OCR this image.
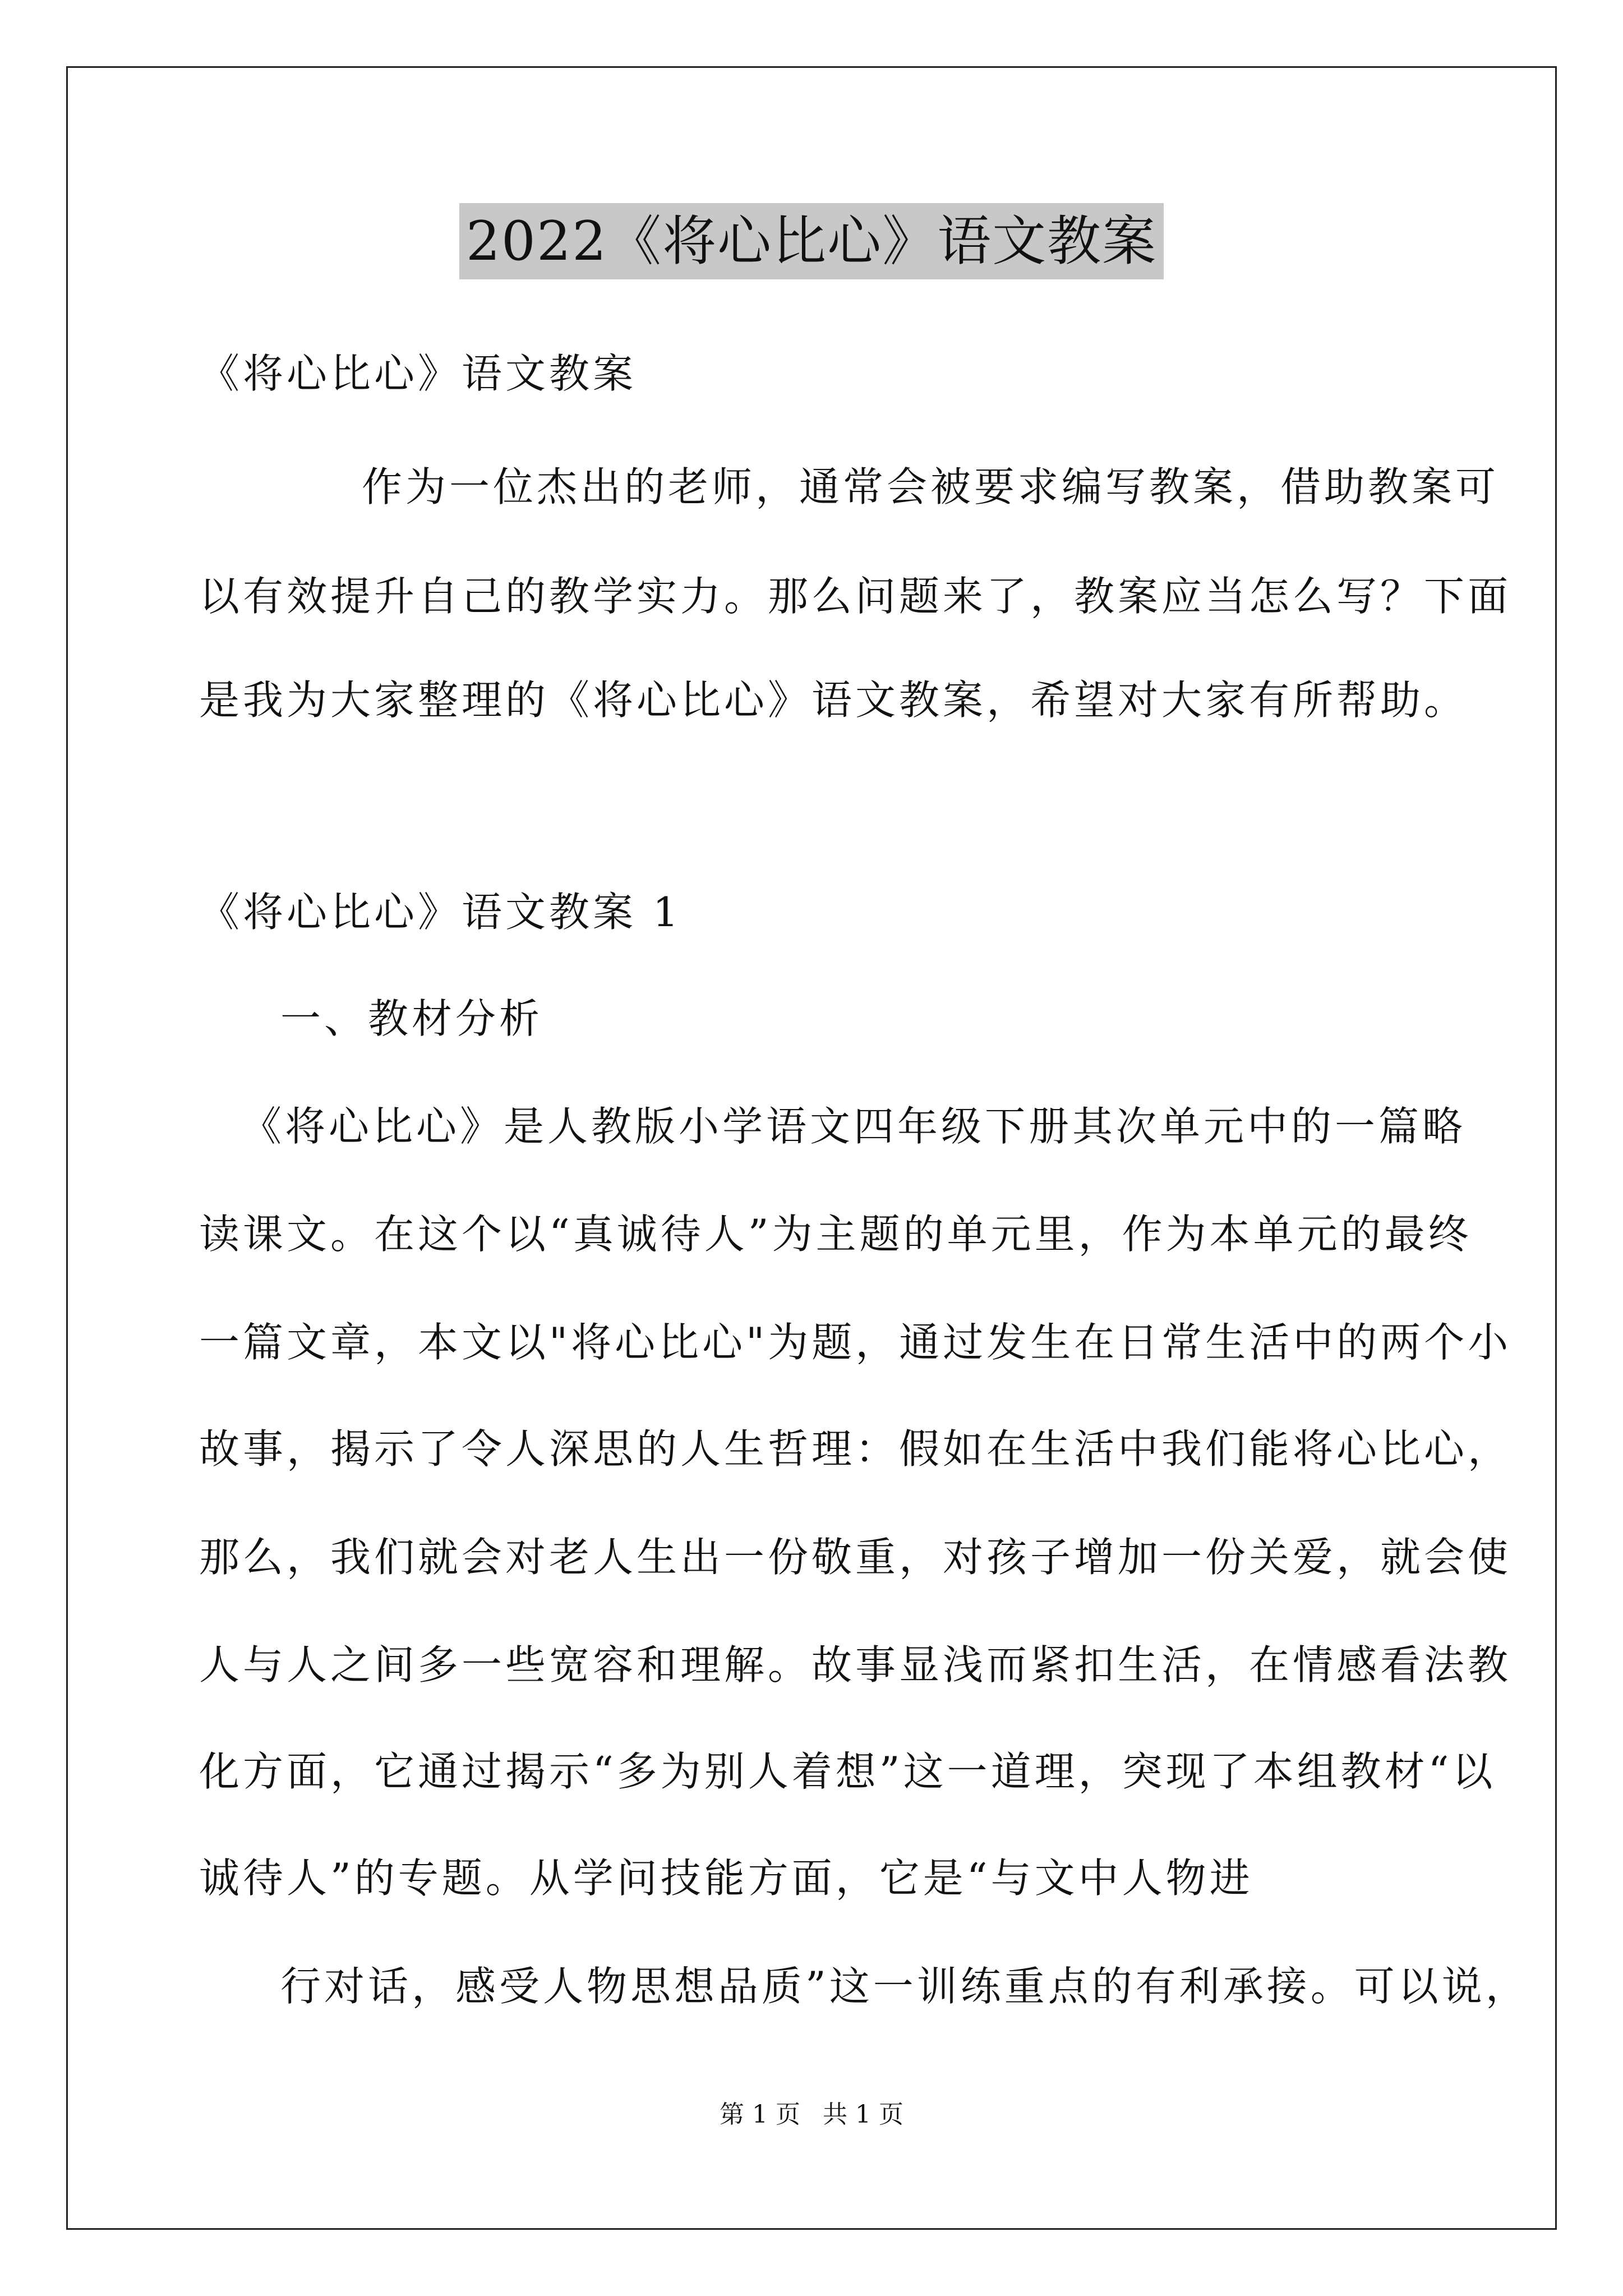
2022《将心比心》语文教案
《将心比心》语文教案
作为一位杰出的老师，通常会被要求编写教案，借助教案可
以有效提升自己的教学实力。那么问题来了，教案应当怎么写？下面
是我为大家整理的《将心比心》语文教案，希望对大家有所帮助。
《将心比心》语文教案 1
一、教材分析
《将心比心》是人教版小学语文四年级下册其次单元中的一篇略
读课文。在这个以“真诚待人”为主题的单元里，作为本单元的最终
一篇文章，本文以"将心比心"为题，通过发生在日常生活中的两个小
故事，揭示了令人深思的人生哲理：假如在生活中我们能将心比心，
那么，我们就会对老人生出一份敬重，对孩子增加一份关爱，就会使
人与人之间多一些宽容和理解。故事显浅而紧扣生活，在情感看法教
化方面，它通过揭示“多为别人着想”这一道理，突现了本组教材“以
诚待人”的专题。从学问技能方面，它是“与文中人物进
行对话，感受人物思想品质”这一训练重点的有利承接。可以说，
第 1 页 共 1 页
